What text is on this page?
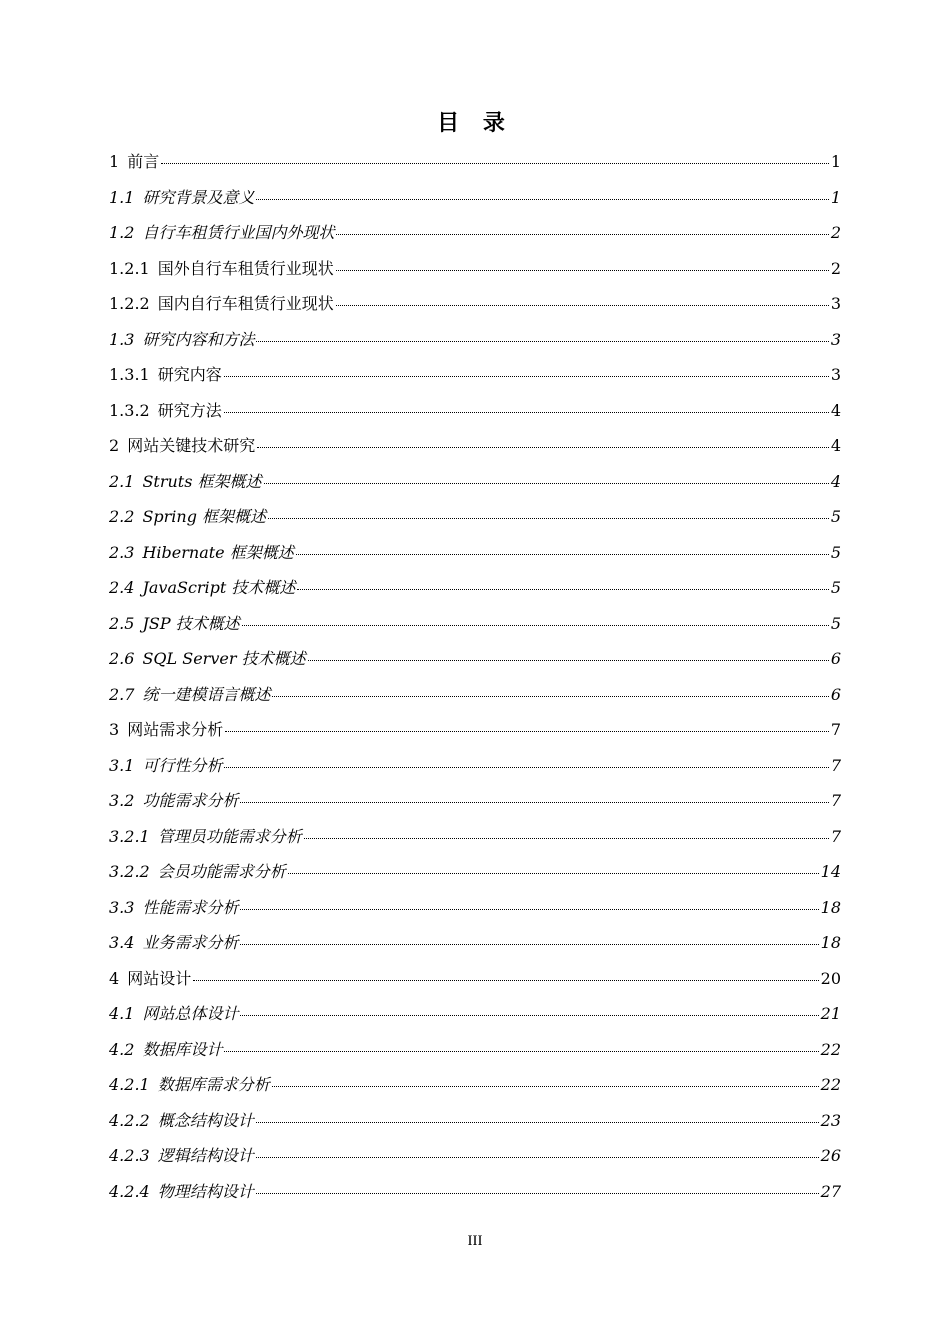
目 录
1 前言	1
1.1 研究背景及意义	1
1.2 自行车租赁行业国内外现状	2
1.2.1 国外自行车租赁行业现状	2
1.2.2 国内自行车租赁行业现状	3
1.3 研究内容和方法	3
1.3.1 研究内容	3
1.3.2 研究方法	4
2 网站关键技术研究	4
2.1 Struts 框架概述	4
2.2 Spring 框架概述	5
2.3 Hibernate 框架概述	5
2.4 JavaScript 技术概述	5
2.5 JSP 技术概述	5
2.6 SQL Server 技术概述	6
2.7 统一建模语言概述	6
3 网站需求分析	7
3.1 可行性分析	7
3.2 功能需求分析	7
3.2.1 管理员功能需求分析	7
3.2.2 会员功能需求分析	14
3.3 性能需求分析	18
3.4 业务需求分析	18
4 网站设计	20
4.1 网站总体设计	21
4.2 数据库设计	22
4.2.1 数据库需求分析	22
4.2.2 概念结构设计	23
4.2.3 逻辑结构设计	26
4.2.4 物理结构设计	27
III
